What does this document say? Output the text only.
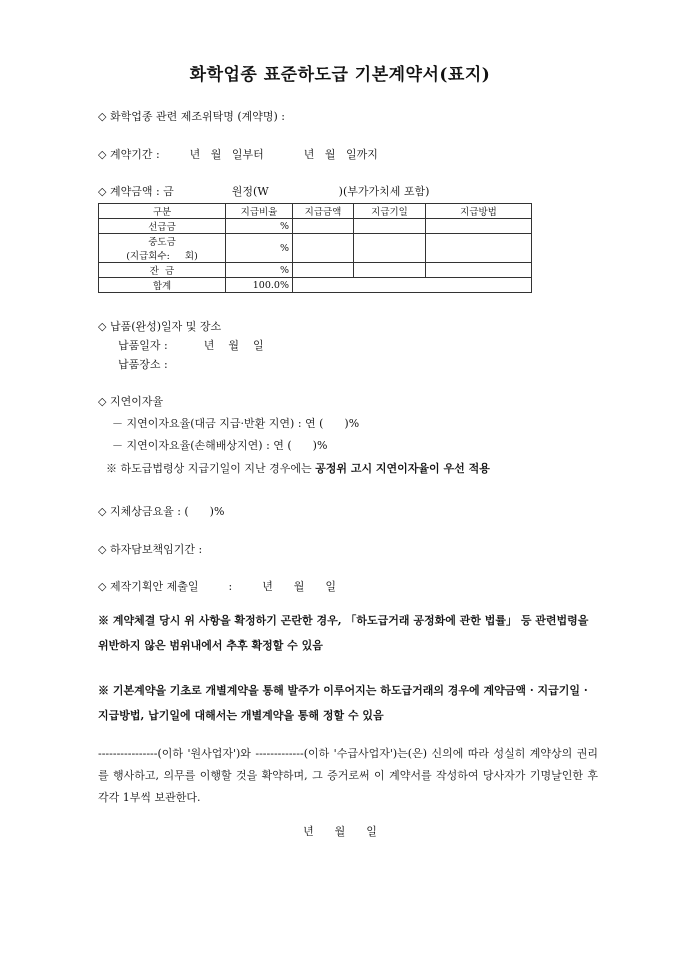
화학업종 표준하도급 기본계약서(표지)
◇ 화학업종 관련 제조위탁명 (계약명) :
◇ 계약기간 :	년   월   일부터	년   월   일까지
◇ 계약금액 : 금	원정(W	)(부가가치세 포함)
구분	지급비율	지급금액	지급기일	지급방법
선급금	%			

중도금
(지급회수:     회)	%			
잔  금	%			
합계	100.0%			
◇ 납품(완성)일자 및 장소
납품일자 :	년    월    일
납품장소 :
◇ 지연이자율
－ 지연이자요율(대금 지급·반환 지연) : 연 (      )%
－ 지연이자요율(손해배상지연) : 연 (      )%
※ 하도급법령상 지급기일이 지난 경우에는 공정위 고시 지연이자율이 우선 적용
◇ 지체상금요율 : (      )%
◇ 하자담보책임기간 :
◇ 제작기획안 제출일	:	년      월      일
※ 계약체결 당시 위 사항을 확정하기 곤란한 경우, 「하도급거래 공정화에 관한 법률」 등 관련법령을 위반하지 않은 범위내에서 추후 확정할 수 있음
※ 기본계약을 기초로 개별계약을 통해 발주가 이루어지는 하도급거래의 경우에 계약금액 · 지급기일 · 지급방법, 납기일에 대해서는 개별계약을 통해 정할 수 있음
----------------(이하 '원사업자')와 -------------(이하 '수급사업자')는(은) 신의에 따라 성실히 계약상의 권리를 행사하고, 의무를 이행할 것을 확약하며, 그 증거로써 이 계약서를 작성하여 당사자가 기명날인한 후 각각 1부씩 보관한다.
년      월      일
